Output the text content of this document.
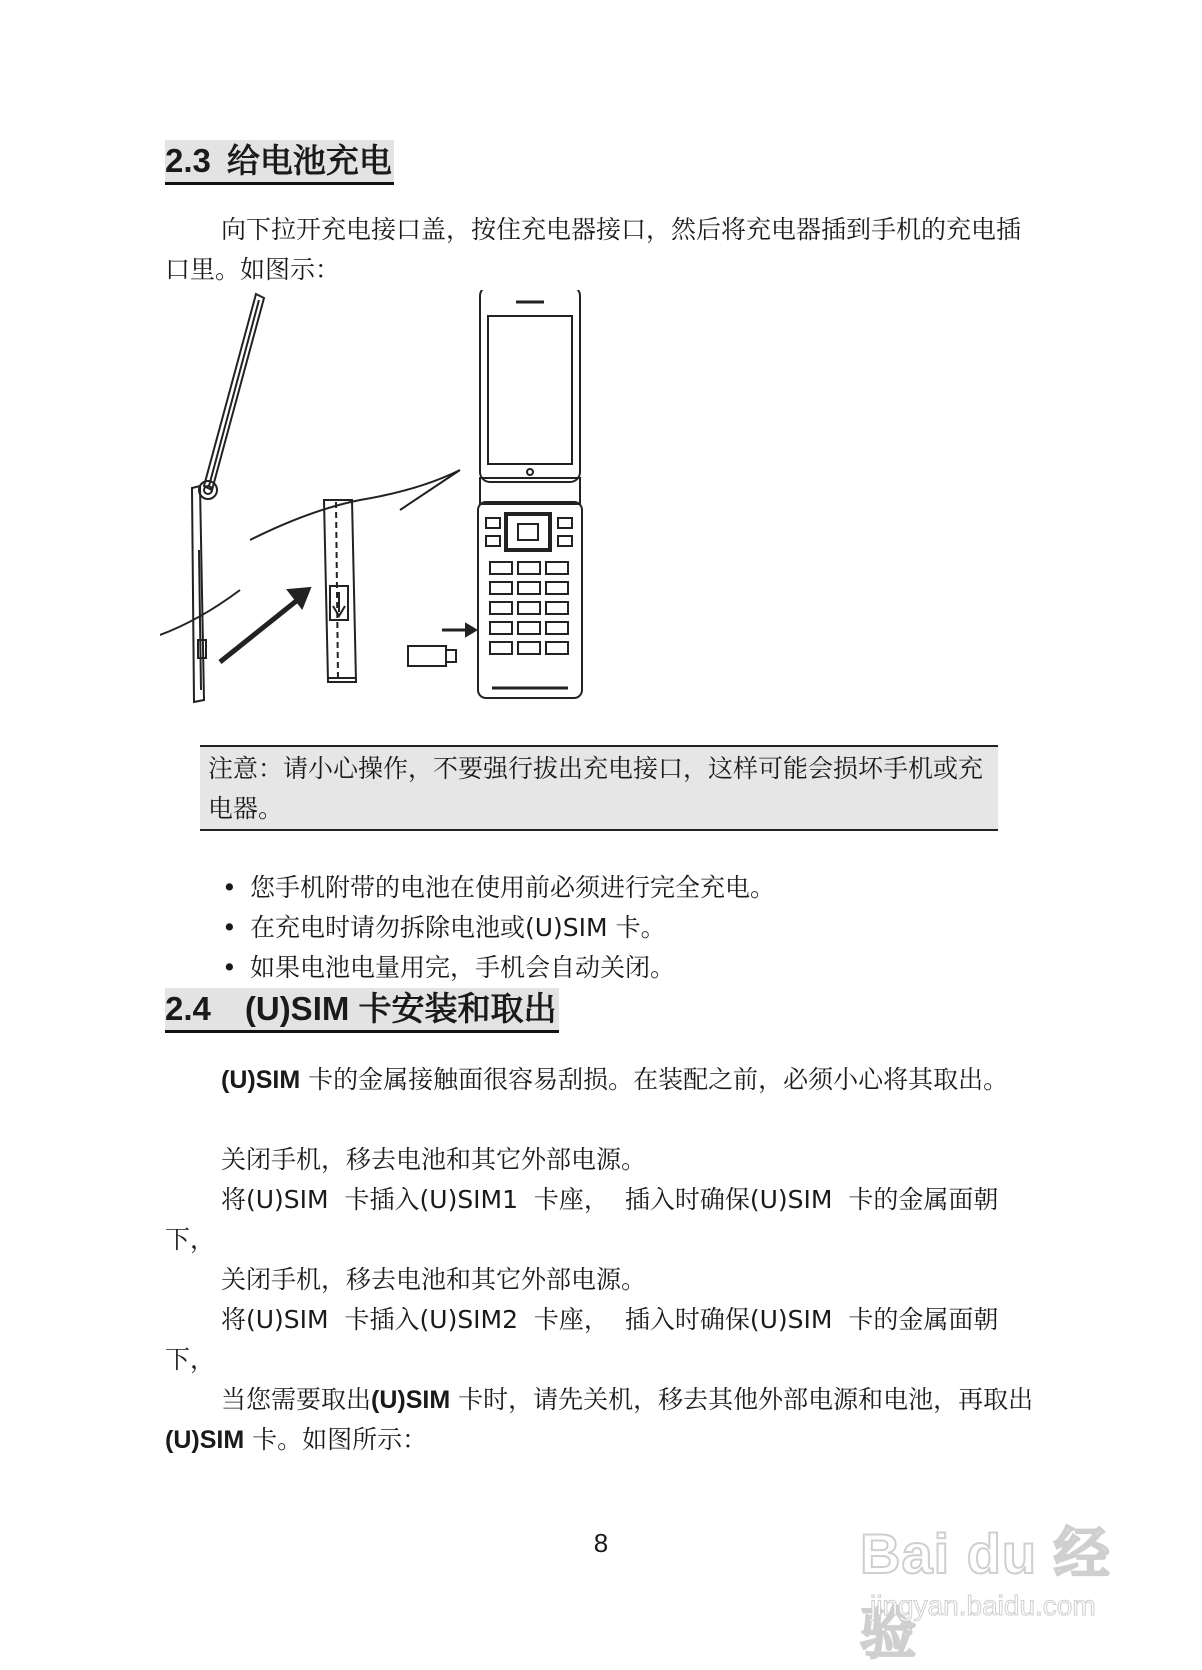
2.3 给电池充电

向下拉开充电接口盖，按住充电器接口，然后将充电器插到手机的充电插口里。如图示：

注意：请小心操作，不要强行拔出充电接口，这样可能会损坏手机或充电器。
• 您手机附带的电池在使用前必须进行完全充电。
• 在充电时请勿拆除电池或(U)SIM 卡。
• 如果电池电量用完，手机会自动关闭。
2.4 (U)SIM 卡安装和取出

(U)SIM 卡的金属接触面很容易刮损。在装配之前，必须小心将其取出。

关闭手机，移去电池和其它外部电源。

将(U)SIM  卡插入(U)SIM1  卡座，  插入时确保(U)SIM  卡的金属面朝下，

关闭手机，移去电池和其它外部电源。

将(U)SIM  卡插入(U)SIM2  卡座，  插入时确保(U)SIM  卡的金属面朝下，

当您需要取出(U)SIM 卡时，请先关机，移去其他外部电源和电池，再取出(U)SIM 卡。如图所示：

8	Bai du 经验
jingyan.baidu.com
